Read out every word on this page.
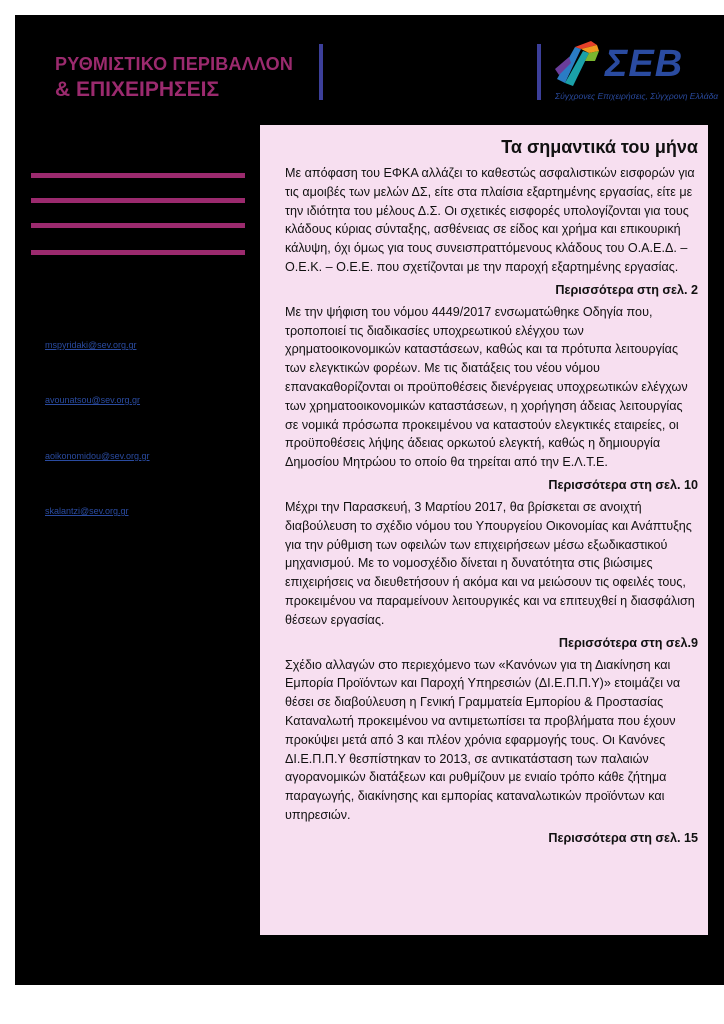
ΡΥΘΜΙΣΤΙΚΟ ΠΕΡΙΒΑΛΛΟΝ
& ΕΠΙΧΕΙΡΗΣΕΙΣ
ΣΕΒ
Σύγχρονες Επιχειρήσεις, Σύγχρονη Ελλάδα
mspyridaki@sev.org.gr
avounatsou@sev.org.gr
aoikonomidou@sev.org.gr
skalantzi@sev.org.gr
Τα σημαντικά του μήνα

Με απόφαση του ΕΦΚΑ αλλάζει το καθεστώς ασφαλιστικών εισφορών για τις αμοιβές των μελών ΔΣ, είτε στα πλαίσια εξαρτημένης εργασίας, είτε με την ιδιότητα του μέλους Δ.Σ. Οι σχετικές εισφορές υπολογίζονται για τους κλάδους κύριας σύνταξης, ασθένειας σε είδος και χρήμα και επικουρική κάλυψη, όχι όμως για τους συνεισπραττόμενους κλάδους του Ο.Α.Ε.Δ. – Ο.Ε.Κ. – Ο.Ε.Ε. που σχετίζονται με την παροχή εξαρτημένης εργασίας.

Περισσότερα στη σελ. 2

Με την ψήφιση του νόμου 4449/2017 ενσωματώθηκε Οδηγία που, τροποποιεί τις διαδικασίες υποχρεωτικού ελέγχου των χρηματοοικονομικών καταστάσεων, καθώς και τα πρότυπα λειτουργίας των ελεγκτικών φορέων. Με τις διατάξεις του νέου νόμου επανακαθορίζονται οι προϋποθέσεις διενέργειας υποχρεωτικών ελέγχων των χρηματοοικονομικών καταστάσεων, η χορήγηση άδειας λειτουργίας σε νομικά πρόσωπα προκειμένου να καταστούν ελεγκτικές εταιρείες, οι προϋποθέσεις λήψης άδειας ορκωτού ελεγκτή, καθώς η δημιουργία Δημοσίου Μητρώου το οποίο θα τηρείται από την Ε.Λ.Τ.Ε.

Περισσότερα στη σελ. 10

Μέχρι την Παρασκευή, 3 Μαρτίου 2017, θα βρίσκεται σε ανοιχτή διαβούλευση το σχέδιο νόμου του Υπουργείου Οικονομίας και Ανάπτυξης για την ρύθμιση των οφειλών των επιχειρήσεων μέσω εξωδικαστικού μηχανισμού. Με το νομοσχέδιο δίνεται η δυνατότητα στις βιώσιμες επιχειρήσεις να διευθετήσουν ή ακόμα και να μειώσουν τις οφειλές τους, προκειμένου να παραμείνουν λειτουργικές και να επιτευχθεί η διασφάλιση θέσεων εργασίας.

Περισσότερα στη σελ.9

Σχέδιο αλλαγών στο περιεχόμενο των «Κανόνων για τη Διακίνηση και Εμπορία Προϊόντων και Παροχή Υπηρεσιών (ΔΙ.Ε.Π.Π.Υ)» ετοιμάζει να θέσει σε διαβούλευση η Γενική Γραμματεία Εμπορίου & Προστασίας Καταναλωτή προκειμένου να αντιμετωπίσει τα προβλήματα που έχουν προκύψει μετά από 3 και πλέον χρόνια εφαρμογής τους. Οι Κανόνες ΔΙ.Ε.Π.Π.Υ θεσπίστηκαν το 2013, σε αντικατάσταση των παλαιών αγορανομικών διατάξεων και ρυθμίζουν με ενιαίο τρόπο κάθε ζήτημα παραγωγής, διακίνησης και εμπορίας καταναλωτικών προϊόντων και υπηρεσιών.

Περισσότερα στη σελ. 15
